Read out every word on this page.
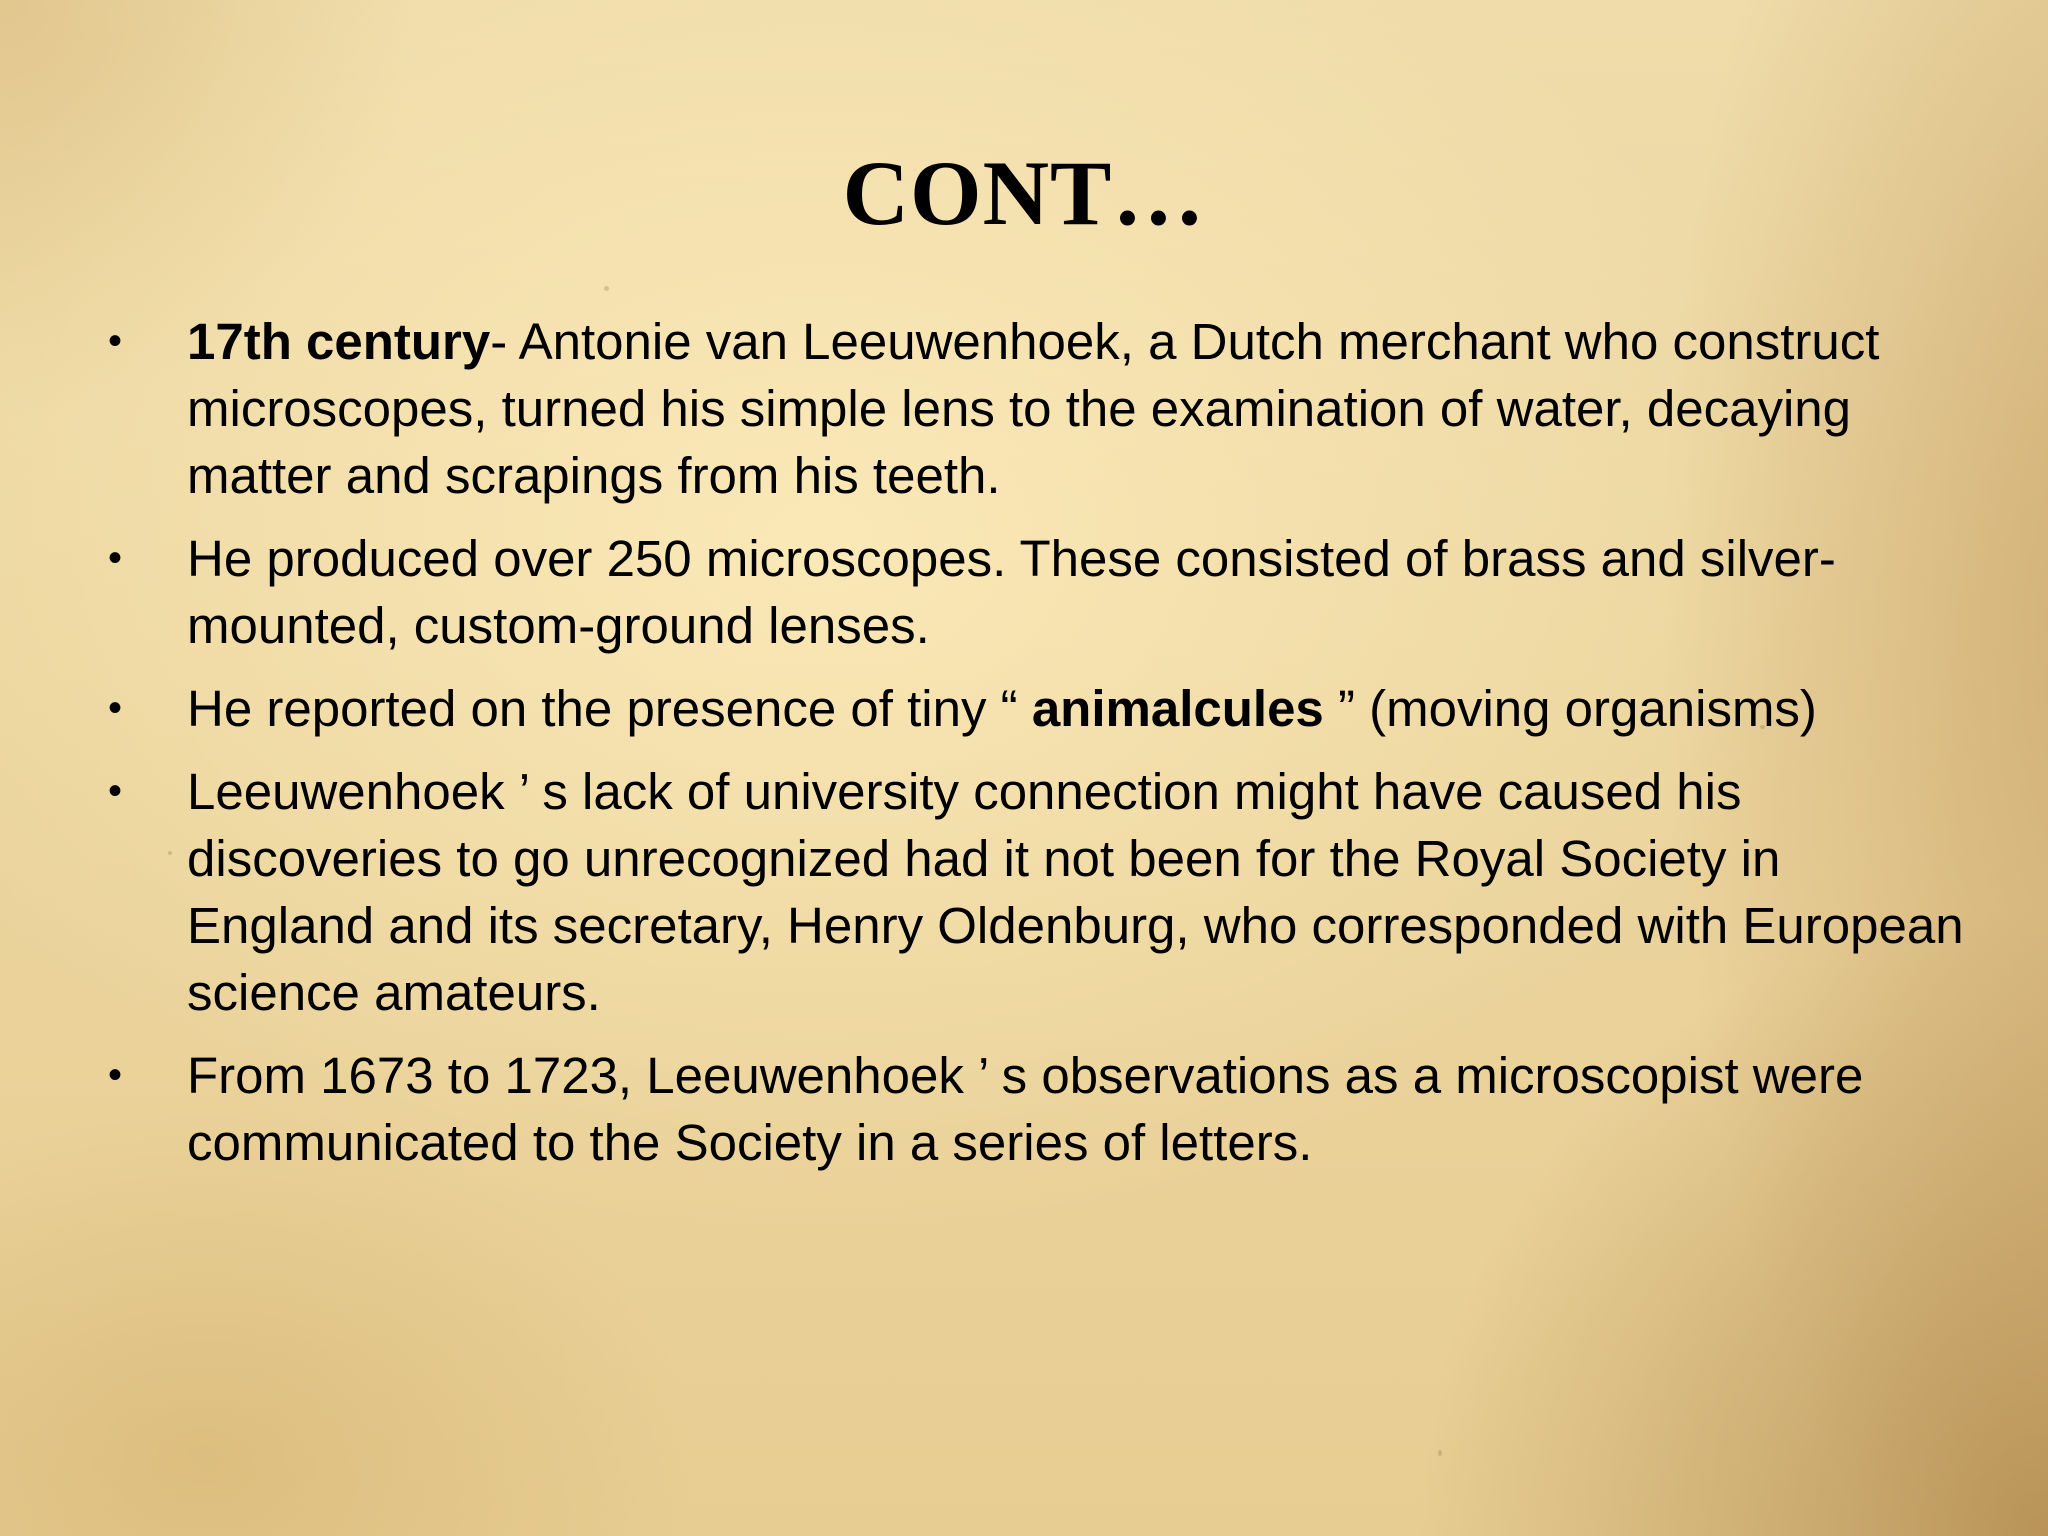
CONT…
• 17th century- Antonie van Leeuwenhoek, a Dutch merchant who construct microscopes, turned his simple lens to the examination of water, decaying matter and scrapings from his teeth.
• He produced over 250 microscopes. These consisted of brass and silver-mounted, custom-ground lenses.
• He reported on the presence of tiny “ animalcules ” (moving organisms)
• Leeuwenhoek ’ s lack of university connection might have caused his discoveries to go unrecognized had it not been for the Royal Society in England and its secretary, Henry Oldenburg, who corresponded with European science amateurs.
• From 1673 to 1723, Leeuwenhoek ’ s observations as a microscopist were communicated to the Society in a series of letters.
